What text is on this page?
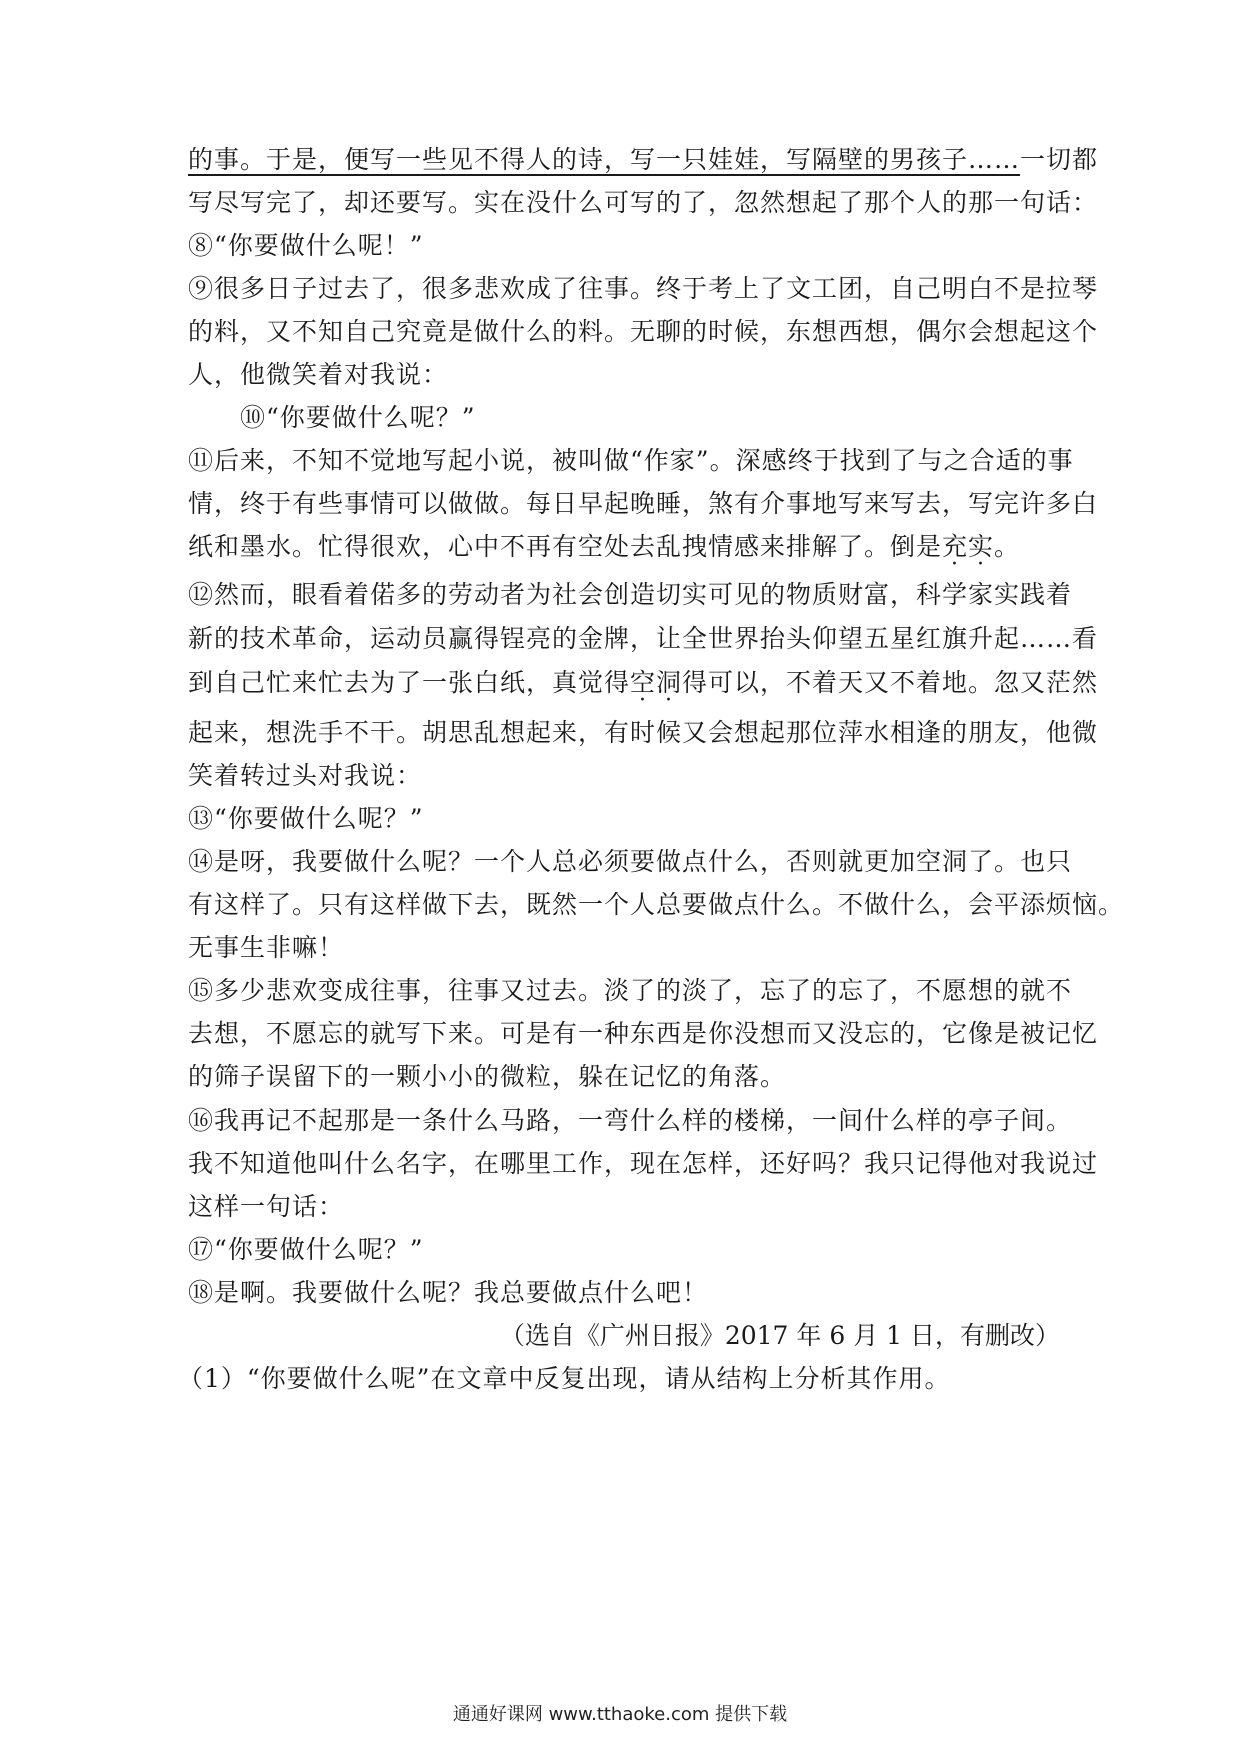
的事。于是，便写一些见不得人的诗，写一只娃娃，写隔壁的男孩子……一切都
写尽写完了，却还要写。实在没什么可写的了，忽然想起了那个人的那一句话：
⑧“你要做什么呢！”
⑨很多日子过去了，很多悲欢成了往事。终于考上了文工团，自己明白不是拉琴
的料，又不知自己究竟是做什么的料。无聊的时候，东想西想，偶尔会想起这个
人，他微笑着对我说：
⑩“你要做什么呢？”
⑪后来，不知不觉地写起小说，被叫做“作家”。深感终于找到了与之合适的事
情，终于有些事情可以做做。每日早起晚睡，煞有介事地写来写去，写完许多白
纸和墨水。忙得很欢，心中不再有空处去乱拽情感来排解了。倒是充实。
⑫然而，眼看着偌多的劳动者为社会创造切实可见的物质财富，科学家实践着
新的技术革命，运动员赢得锃亮的金牌，让全世界抬头仰望五星红旗升起……看
到自己忙来忙去为了一张白纸，真觉得空洞得可以，不着天又不着地。忽又茫然
起来，想洗手不干。胡思乱想起来，有时候又会想起那位萍水相逢的朋友，他微
笑着转过头对我说：
⑬“你要做什么呢？”
⑭是呀，我要做什么呢？一个人总必须要做点什么，否则就更加空洞了。也只
有这样了。只有这样做下去，既然一个人总要做点什么。不做什么，会平添烦恼。
无事生非嘛！
⑮多少悲欢变成往事，往事又过去。淡了的淡了，忘了的忘了，不愿想的就不
去想，不愿忘的就写下来。可是有一种东西是你没想而又没忘的，它像是被记忆
的筛子误留下的一颗小小的微粒，躲在记忆的角落。
⑯我再记不起那是一条什么马路，一弯什么样的楼梯，一间什么样的亭子间。
我不知道他叫什么名字，在哪里工作，现在怎样，还好吗？我只记得他对我说过
这样一句话：
⑰“你要做什么呢？”
⑱是啊。我要做什么呢？我总要做点什么吧！
（选自《广州日报》2017 年 6 月 1 日，有删改）
（1）“你要做什么呢”在文章中反复出现，请从结构上分析其作用。
通通好课网 www.tthaoke.com 提供下载
